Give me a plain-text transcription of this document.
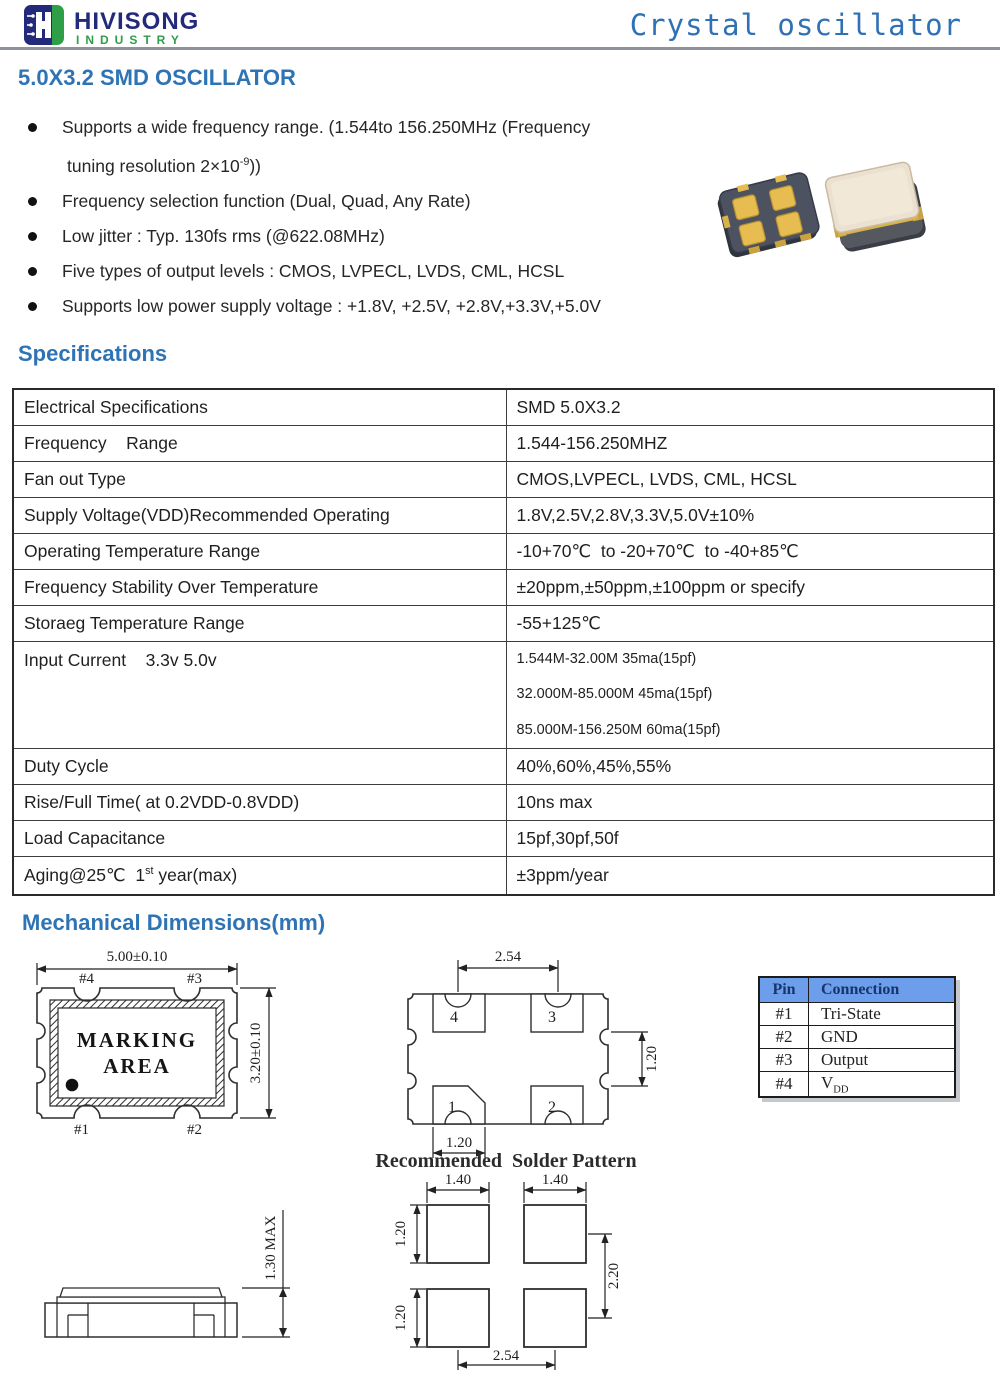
HIVISONG
INDUSTRY	Crystal oscillator
5.0X3.2 SMD OSCILLATOR
Supports a wide frequency range. (1.544to 156.250MHz (Frequency
tuning resolution $2\times 10^{-9}$))
Frequency selection function (Dual, Quad, Any Rate)
Low jitter : Typ. 130fs rms (@622.08MHz)
Five types of output levels : CMOS, LVPECL, LVDS, CML, HCSL
Supports low power supply voltage : +1.8V, +2.5V, +2.8V,+3.3V,+5.0V
Specifications
Electrical Specifications	SMD 5.0X3.2
Frequency    Range	1.544-156.250MHZ
Fan out Type	CMOS,LVPECL, LVDS, CML, HCSL
Supply Voltage(VDD)Recommended Operating	1.8V,2.5V,2.8V,3.3V,5.0V±10%
Operating Temperature Range	-10+70℃  to -20+70℃  to -40+85℃
Frequency Stability Over Temperature	±20ppm,±50ppm,±100ppm or specify
Storaeg Temperature Range	-55+125℃
Input Current    3.3v 5.0v	1.544M-32.00M 35ma(15pf)
32.000M-85.000M 45ma(15pf)
85.000M-156.250M 60ma(15pf)

Duty Cycle	40%,60%,45%,55%
Rise/Full Time( at 0.2VDD-0.8VDD)	10ns max
Load Capacitance	15pf,30pf,50f
Aging@25℃  1st year(max)	±3ppm/year
Mechanical Dimensions(mm)
5.00±0.10
MARKING
AREA
#4	#3
#1	#2
3.20±0.10
2.54
4	3
1	2
1.20
1.20
Pin	Connection
#1	Tri-State
#2	GND
#3	Output
#4	$V_{DD}$
Recommended  Solder Pattern
1.40	1.40
1.20
1.20
2.20
2.54
1.30 MAX
